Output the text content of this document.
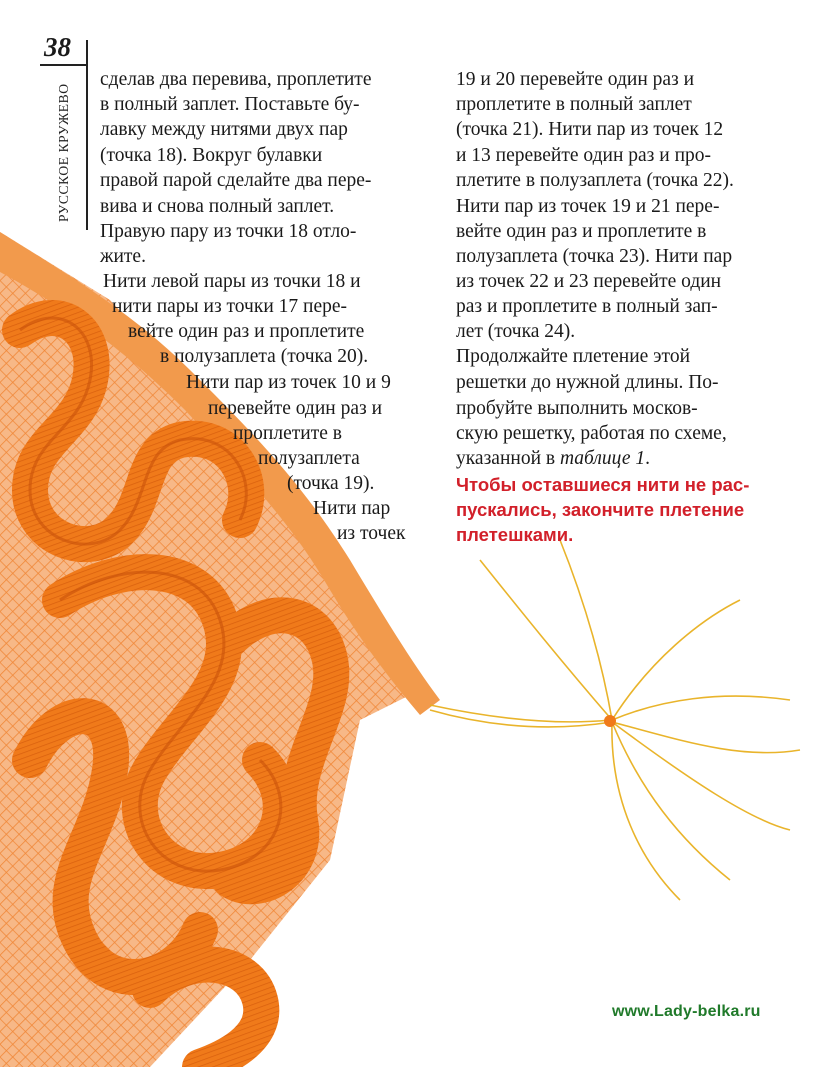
38
РУССКОЕ КРУЖЕВО
сделав два перевива, проплетите
в полный заплет. Поставьте бу-
лавку между нитями двух пар
(точка 18). Вокруг булавки
правой парой сделайте два пере-
вива и снова полный заплет.
Правую пару из точки 18 отло-
жите.
Нити левой пары из точки 18 и
нити пары из точки 17 пере-
вейте один раз и проплетите
в полузаплета (точка 20).
Нити пар из точек 10 и 9
перевейте один раз и
проплетите в
полузаплета
(точка 19).
Нити пар
из точек
19 и 20 перевейте один раз и
проплетите в полный заплет
(точка 21). Нити пар из точек 12
и 13 перевейте один раз и про-
плетите в полузаплета (точка 22).
Нити пар из точек 19 и 21 пере-
вейте один раз и проплетите в
полузаплета (точка 23). Нити пар
из точек 22 и 23 перевейте один
раз и проплетите в полный зап-
лет (точка 24).
Продолжайте плетение этой
решетки до нужной длины. По-
пробуйте выполнить москов-
скую решетку, работая по схеме,
указанной в таблице 1.
Чтобы оставшиеся нити не рас-
пускались, закончите плетение
плетешками.
www.Lady-belka.ru
